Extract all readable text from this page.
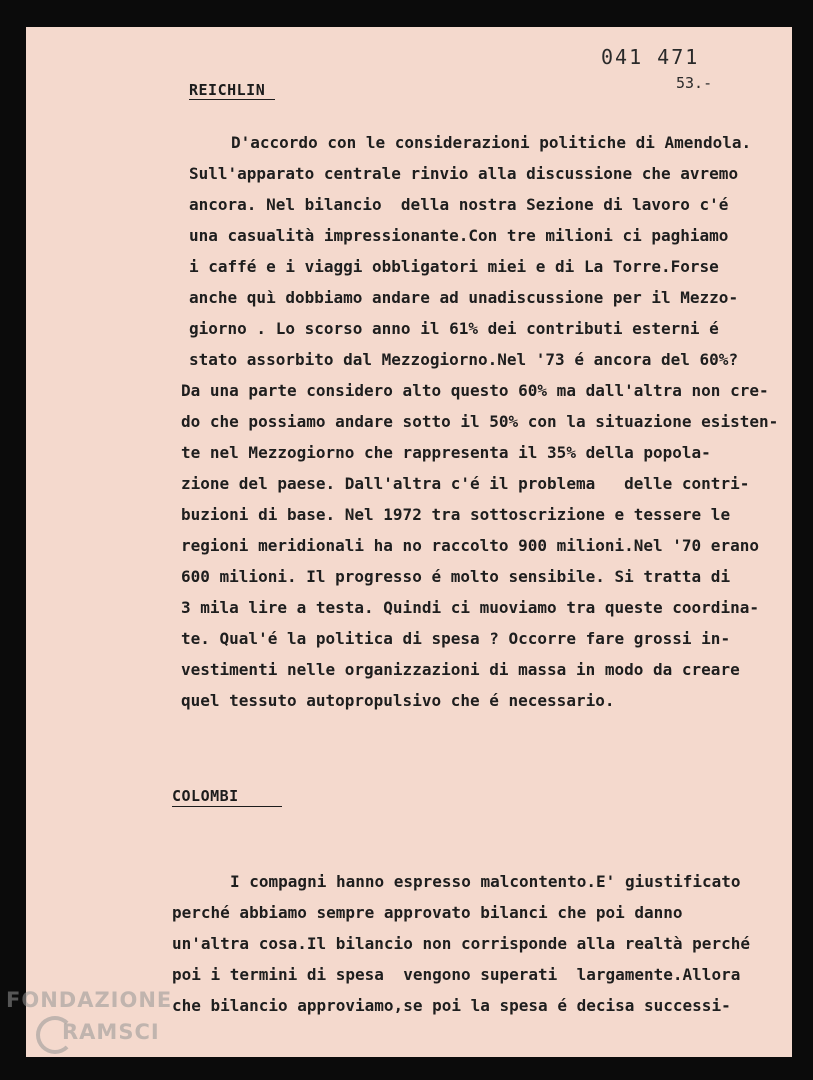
041 471
53.-
REICHLIN
D'accordo con le considerazioni politiche di Amendola.
Sull'apparato centrale rinvio alla discussione che avremo
ancora. Nel bilancio  della nostra Sezione di lavoro c'é
una casualità impressionante.Con tre milioni ci paghiamo
i caffé e i viaggi obbligatori miei e di La Torre.Forse
anche quì dobbiamo andare ad unadiscussione per il Mezzo-
giorno . Lo scorso anno il 61% dei contributi esterni é
stato assorbito dal Mezzogiorno.Nel '73 é ancora del 60%?
Da una parte considero alto questo 60% ma dall'altra non cre-
do che possiamo andare sotto il 50% con la situazione esisten-
te nel Mezzogiorno che rappresenta il 35% della popola-
zione del paese. Dall'altra c'é il problema   delle contri-
buzioni di base. Nel 1972 tra sottoscrizione e tessere le
regioni meridionali ha no raccolto 900 milioni.Nel '70 erano
600 milioni. Il progresso é molto sensibile. Si tratta di
3 mila lire a testa. Quindi ci muoviamo tra queste coordina-
te. Qual'é la politica di spesa ? Occorre fare grossi in-
vestimenti nelle organizzazioni di massa in modo da creare
quel tessuto autopropulsivo che é necessario.
COLOMBI
I compagni hanno espresso malcontento.E' giustificato
perché abbiamo sempre approvato bilanci che poi danno
un'altra cosa.Il bilancio non corrisponde alla realtà perché
poi i termini di spesa  vengono superati  largamente.Allora
che bilancio approviamo,se poi la spesa é decisa successi-
FONDAZIONE
RAMSCI
